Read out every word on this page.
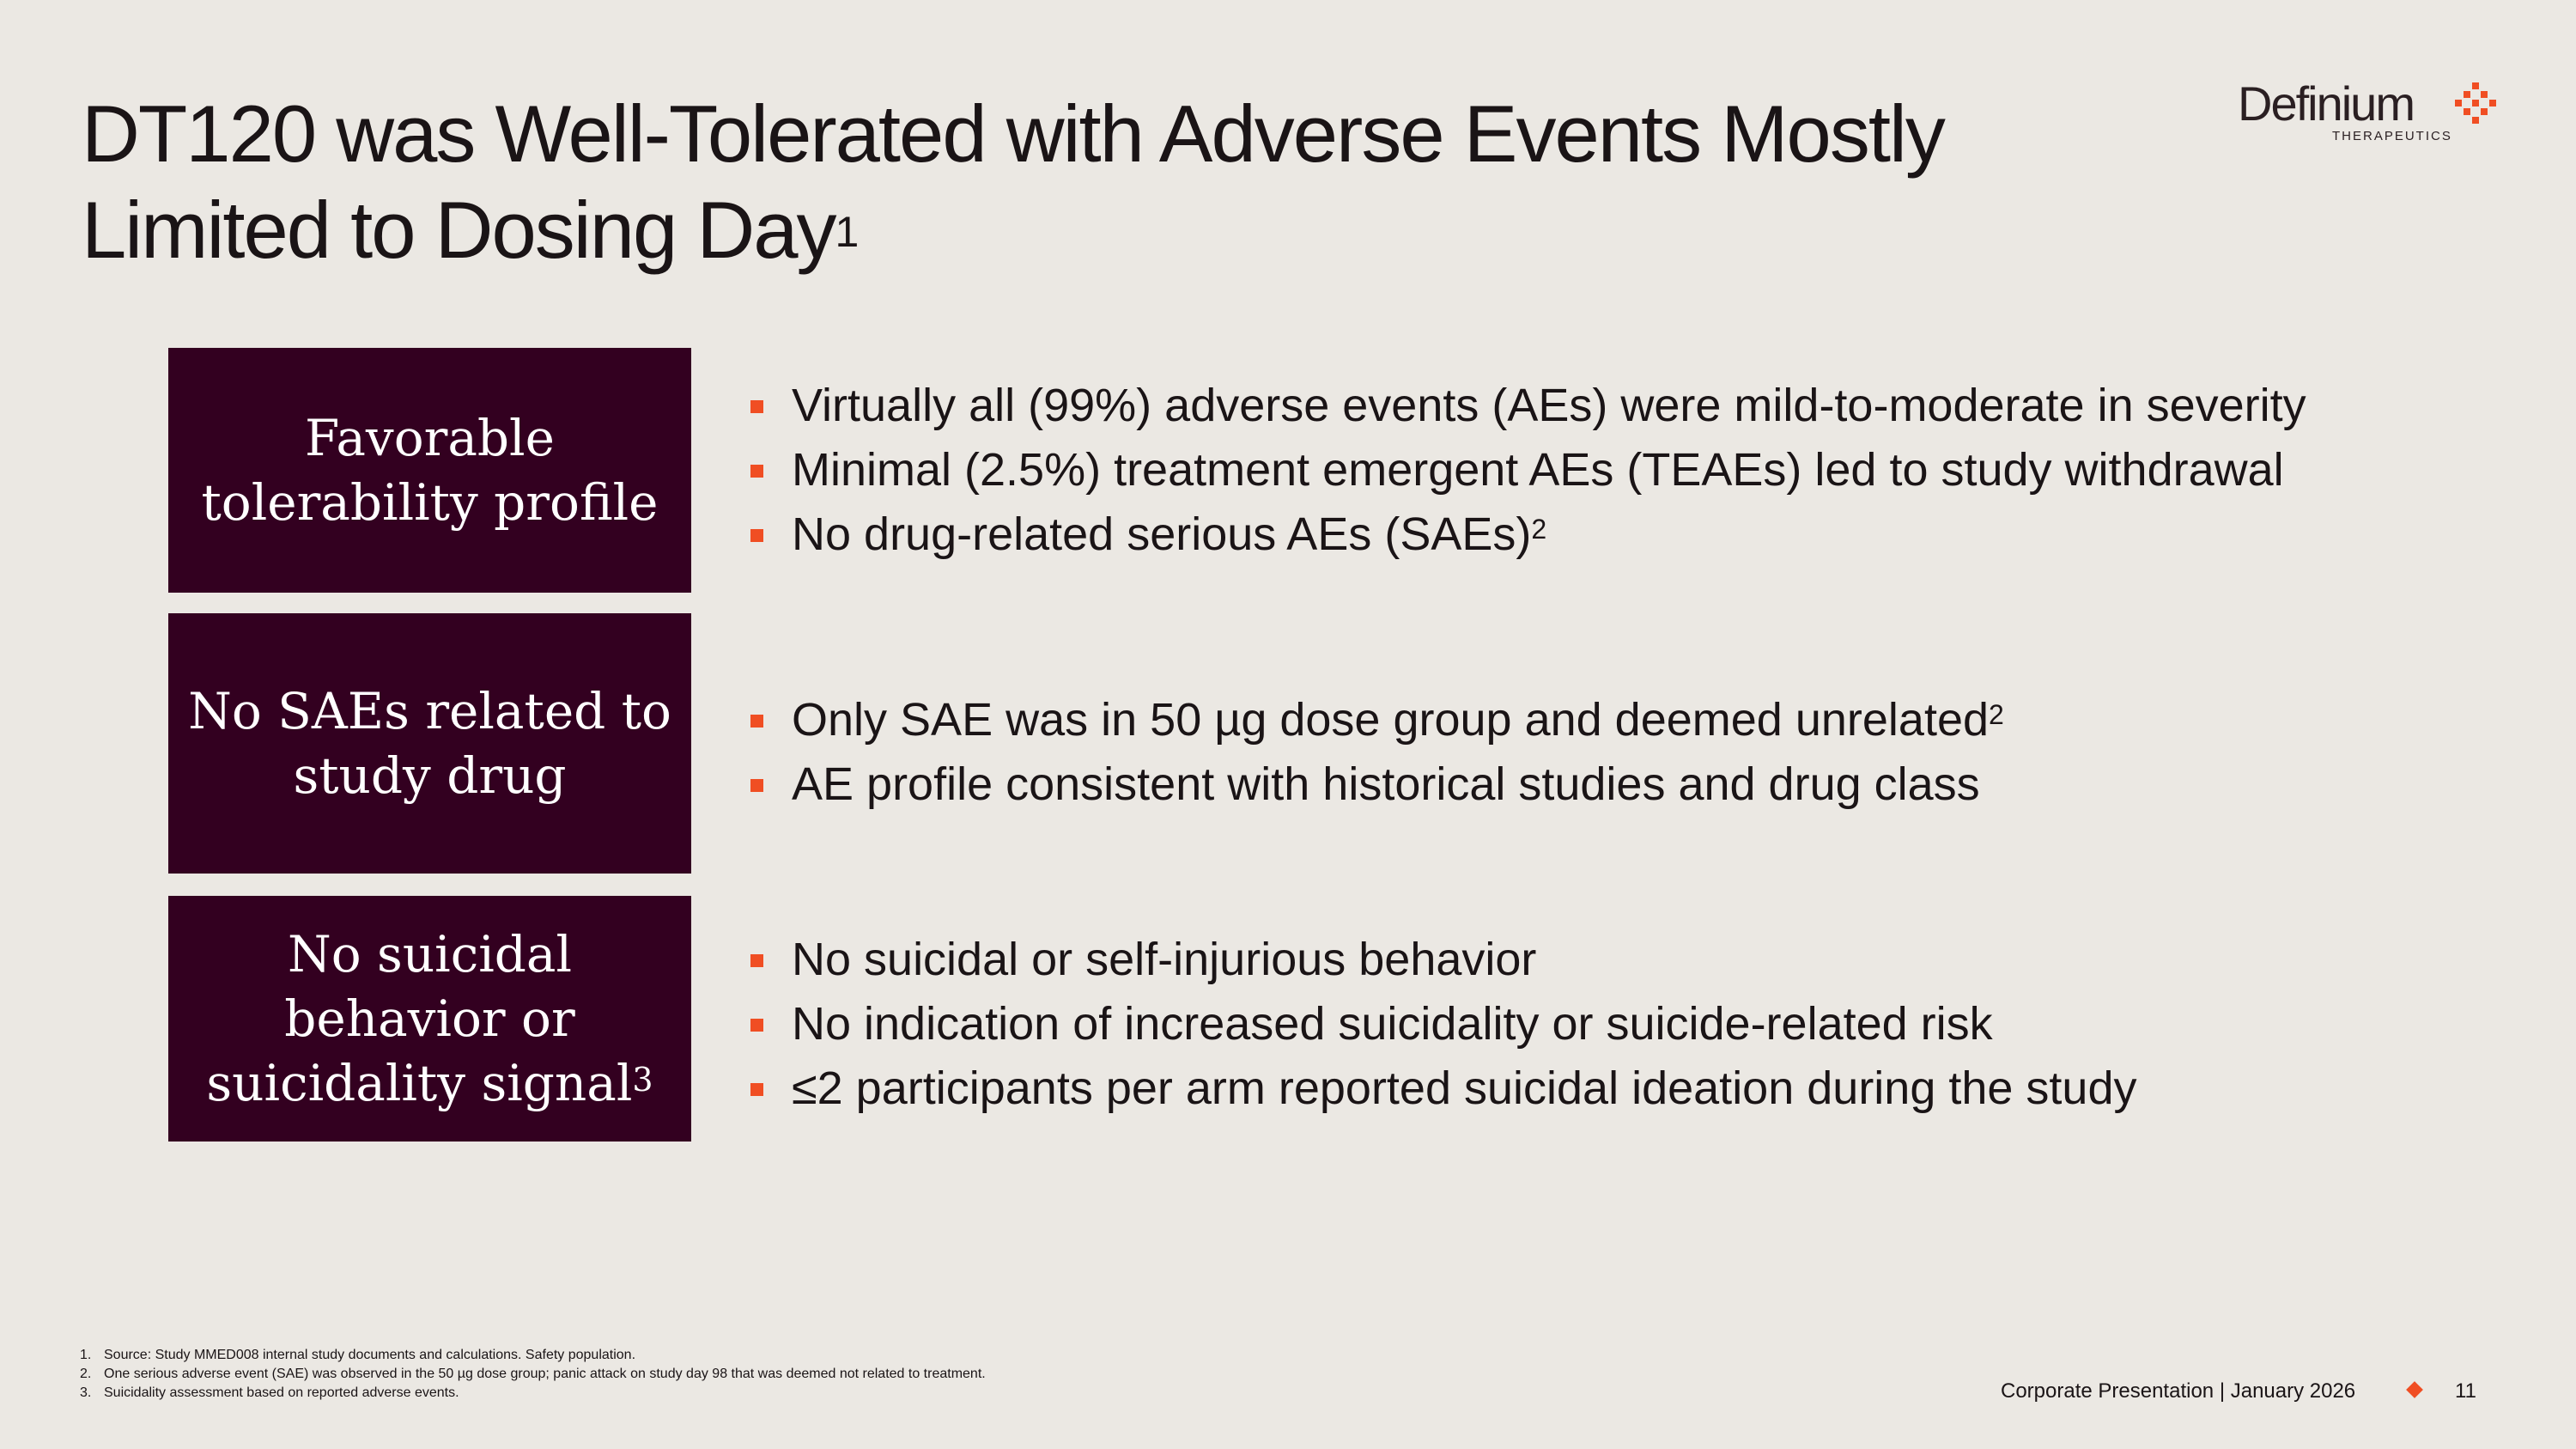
DT120 was Well-Tolerated with Adverse Events Mostly
Limited to Dosing Day$^1$
Definium
THERAPEUTICS
Favorable
tolerability profile
Virtually all (99%) adverse events (AEs) were mild-to-moderate in severity
Minimal (2.5%) treatment emergent AEs (TEAEs) led to study withdrawal
No drug-related serious AEs (SAEs)$^2$
No SAEs related to
study drug
Only SAE was in 50 µg dose group and deemed unrelated$^2$
AE profile consistent with historical studies and drug class
No suicidal
behavior or
suicidality signal$^3$
No suicidal or self-injurious behavior
No indication of increased suicidality or suicide-related risk
≤2 participants per arm reported suicidal ideation during the study
1. Source: Study MMED008 internal study documents and calculations. Safety population.
2. One serious adverse event (SAE) was observed in the 50 µg dose group; panic attack on study day 98 that was deemed not related to treatment.
3. Suicidality assessment based on reported adverse events.	Corporate Presentation | January 2026	11
